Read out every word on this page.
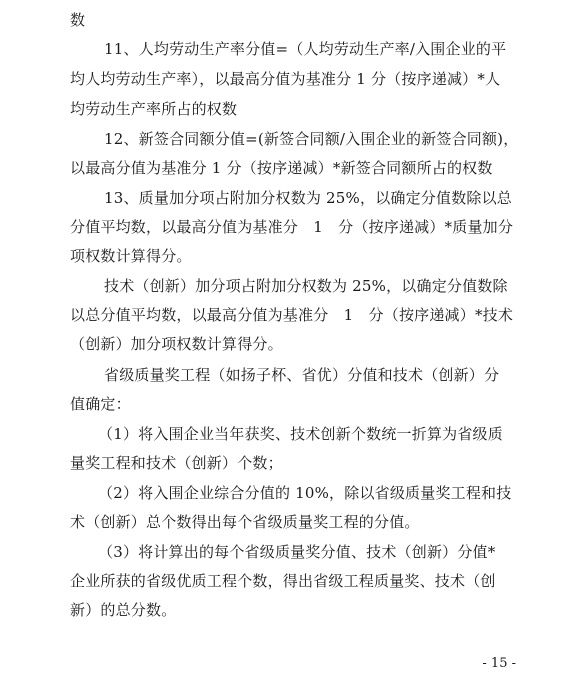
数
11、人均劳动生产率分值=（人均劳动生产率/入围企业的平
均人均劳动生产率），以最高分值为基准分 1 分（按序递减）*人
均劳动生产率所占的权数
12、新签合同额分值=(新签合同额/入围企业的新签合同额)，
以最高分值为基准分 1 分（按序递减）*新签合同额所占的权数
13、质量加分项占附加分权数为 25%，以确定分值数除以总
分值平均数，以最高分值为基准分　1　分（按序递减）*质量加分
项权数计算得分。
技术（创新）加分项占附加分权数为 25%，以确定分值数除
以总分值平均数，以最高分值为基准分　1　分（按序递减）*技术
（创新）加分项权数计算得分。
省级质量奖工程（如扬子杯、省优）分值和技术（创新）分
值确定：
（1）将入围企业当年获奖、技术创新个数统一折算为省级质
量奖工程和技术（创新）个数；
（2）将入围企业综合分值的 10%，除以省级质量奖工程和技
术（创新）总个数得出每个省级质量奖工程的分值。
（3）将计算出的每个省级质量奖分值、技术（创新）分值*
企业所获的省级优质工程个数，得出省级工程质量奖、技术（创
新）的总分数。
- 15 -
